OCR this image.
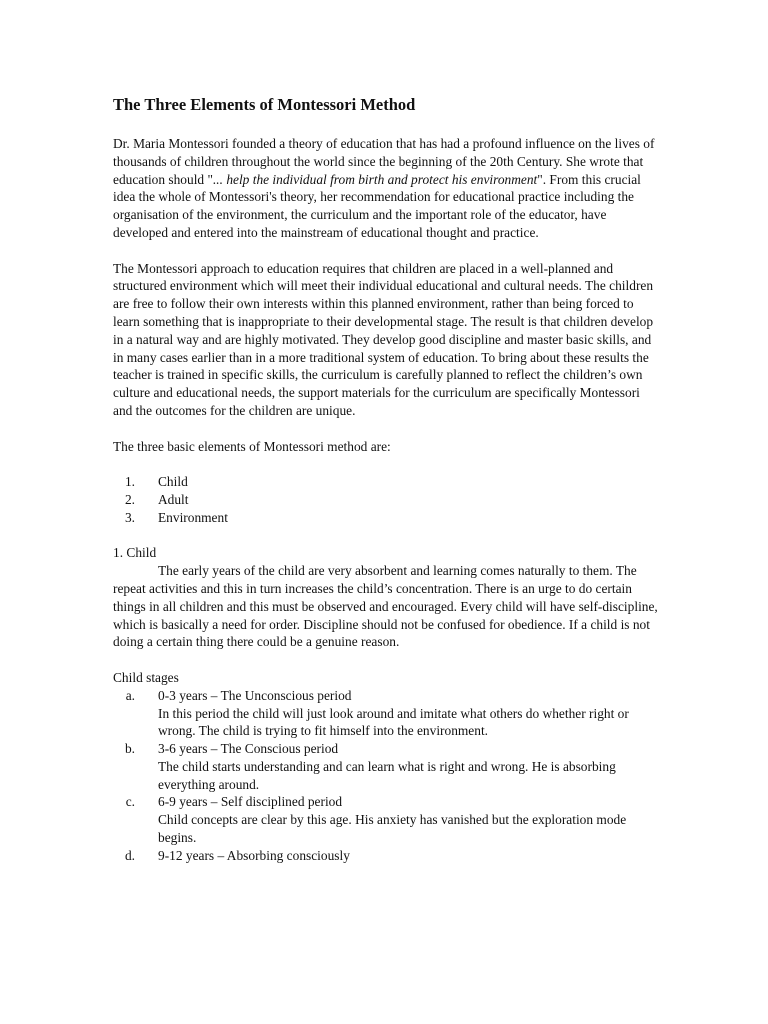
The Three Elements of Montessori Method

Dr. Maria Montessori founded a theory of education that has had a profound influence on the lives of thousands of children throughout the world since the beginning of the 20th Century. She wrote that education should "... help the individual from birth and protect his environment". From this crucial idea the whole of Montessori's theory, her recommendation for educational practice including the organisation of the environment, the curriculum and the important role of the educator, have developed and entered into the mainstream of educational thought and practice.

The Montessori approach to education requires that children are placed in a well-planned and structured environment which will meet their individual educational and cultural needs. The children are free to follow their own interests within this planned environment, rather than being forced to learn something that is inappropriate to their developmental stage. The result is that children develop in a natural way and are highly motivated. They develop good discipline and master basic skills, and in many cases earlier than in a more traditional system of education. To bring about these results the teacher is trained in specific skills, the curriculum is carefully planned to reflect the children’s own culture and educational needs, the support materials for the curriculum are specifically Montessori and the outcomes for the children are unique.

The three basic elements of Montessori method are:

1.	Child
2.	Adult
3.	Environment
1. Child

The early years of the child are very absorbent and learning comes naturally to them. The repeat activities and this in turn increases the child’s concentration. There is an urge to do certain things in all children and this must be observed and encouraged. Every child will have self-discipline, which is basically a need for order. Discipline should not be confused for obedience. If a child is not doing a certain thing there could be a genuine reason.

Child stages
a.	0-3 years – The Unconscious period
In this period the child will just look around and imitate what others do whether right or wrong. The child is trying to fit himself into the environment.
b.	3-6 years – The Conscious period
The child starts understanding and can learn what is right and wrong. He is absorbing everything around.
c.	6-9 years – Self disciplined period
Child concepts are clear by this age. His anxiety has vanished but the exploration mode begins.
d.	9-12 years – Absorbing consciously
